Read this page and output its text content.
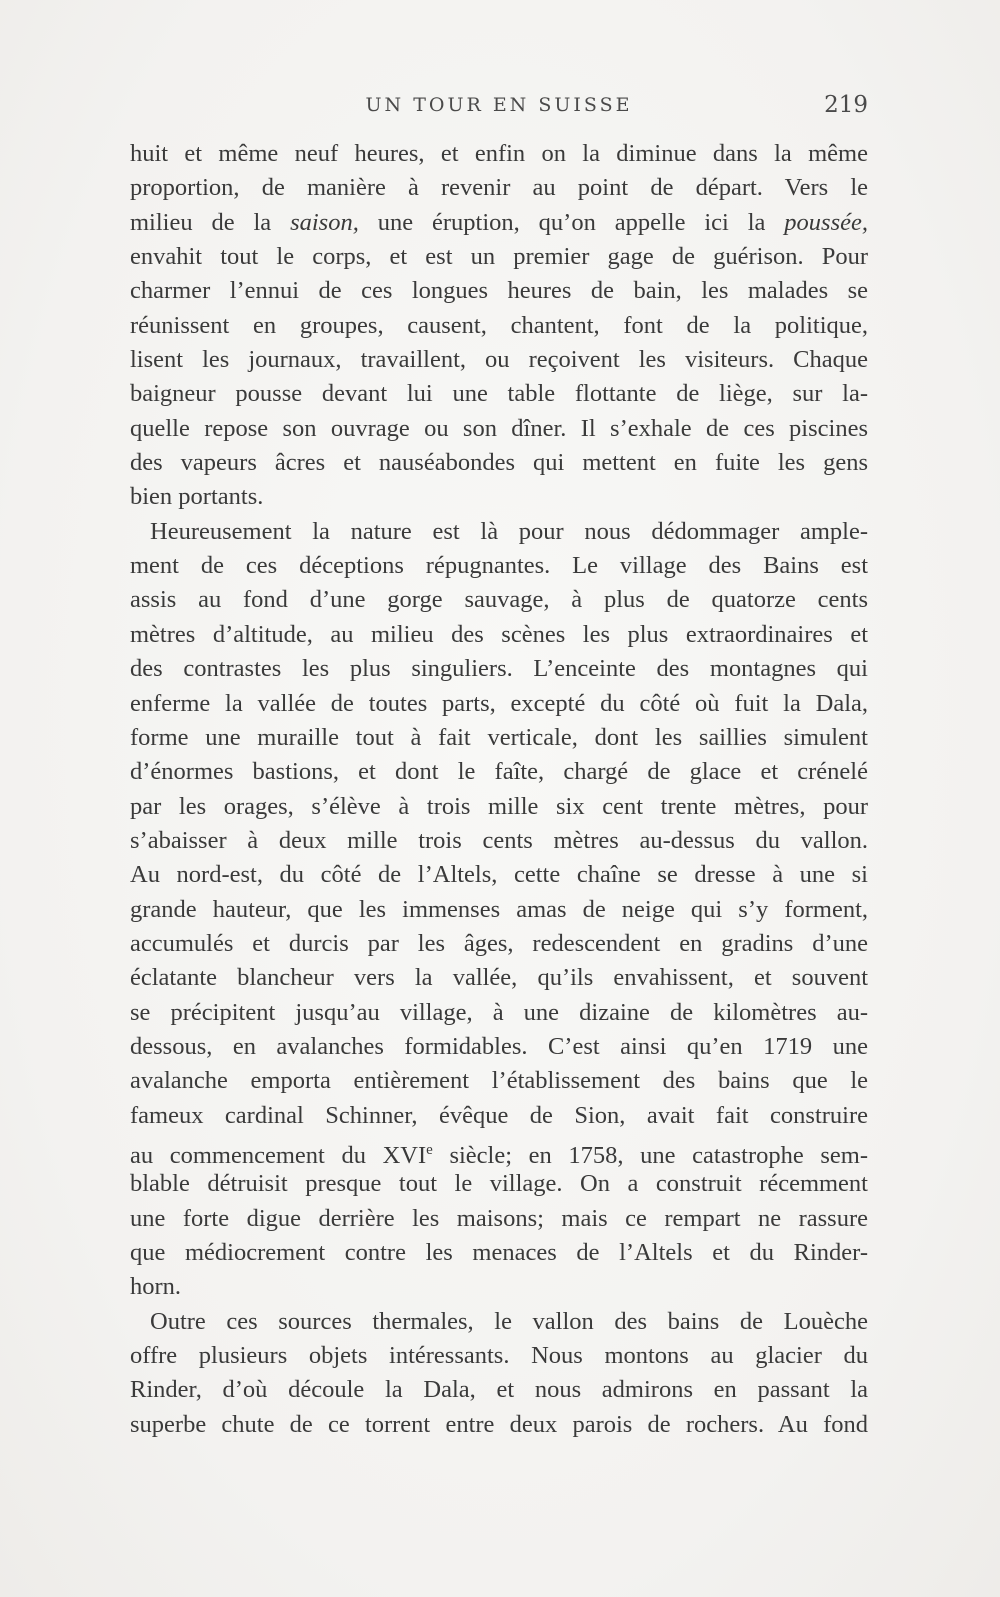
UN TOUR EN SUISSE	219
huit et même neuf heures, et enfin on la diminue dans la même
proportion, de manière à revenir au point de départ. Vers le
milieu de la saison, une éruption, qu’on appelle ici la poussée,
envahit tout le corps, et est un premier gage de guérison. Pour
charmer l’ennui de ces longues heures de bain, les malades se
réunissent en groupes, causent, chantent, font de la politique,
lisent les journaux, travaillent, ou reçoivent les visiteurs. Chaque
baigneur pousse devant lui une table flottante de liège, sur la-
quelle repose son ouvrage ou son dîner. Il s’exhale de ces piscines
des vapeurs âcres et nauséabondes qui mettent en fuite les gens
bien portants.
Heureusement la nature est là pour nous dédommager ample-
ment de ces déceptions répugnantes. Le village des Bains est
assis au fond d’une gorge sauvage, à plus de quatorze cents
mètres d’altitude, au milieu des scènes les plus extraordinaires et
des contrastes les plus singuliers. L’enceinte des montagnes qui
enferme la vallée de toutes parts, excepté du côté où fuit la Dala,
forme une muraille tout à fait verticale, dont les saillies simulent
d’énormes bastions, et dont le faîte, chargé de glace et crénelé
par les orages, s’élève à trois mille six cent trente mètres, pour
s’abaisser à deux mille trois cents mètres au-dessus du vallon.
Au nord-est, du côté de l’Altels, cette chaîne se dresse à une si
grande hauteur, que les immenses amas de neige qui s’y forment,
accumulés et durcis par les âges, redescendent en gradins d’une
éclatante blancheur vers la vallée, qu’ils envahissent, et souvent
se précipitent jusqu’au village, à une dizaine de kilomètres au-
dessous, en avalanches formidables. C’est ainsi qu’en 1719 une
avalanche emporta entièrement l’établissement des bains que le
fameux cardinal Schinner, évêque de Sion, avait fait construire
au commencement du XVIe siècle; en 1758, une catastrophe sem-
blable détruisit presque tout le village. On a construit récemment
une forte digue derrière les maisons; mais ce rempart ne rassure
que médiocrement contre les menaces de l’Altels et du Rinder-
horn.
Outre ces sources thermales, le vallon des bains de Louèche
offre plusieurs objets intéressants. Nous montons au glacier du
Rinder, d’où découle la Dala, et nous admirons en passant la
superbe chute de ce torrent entre deux parois de rochers. Au fond
